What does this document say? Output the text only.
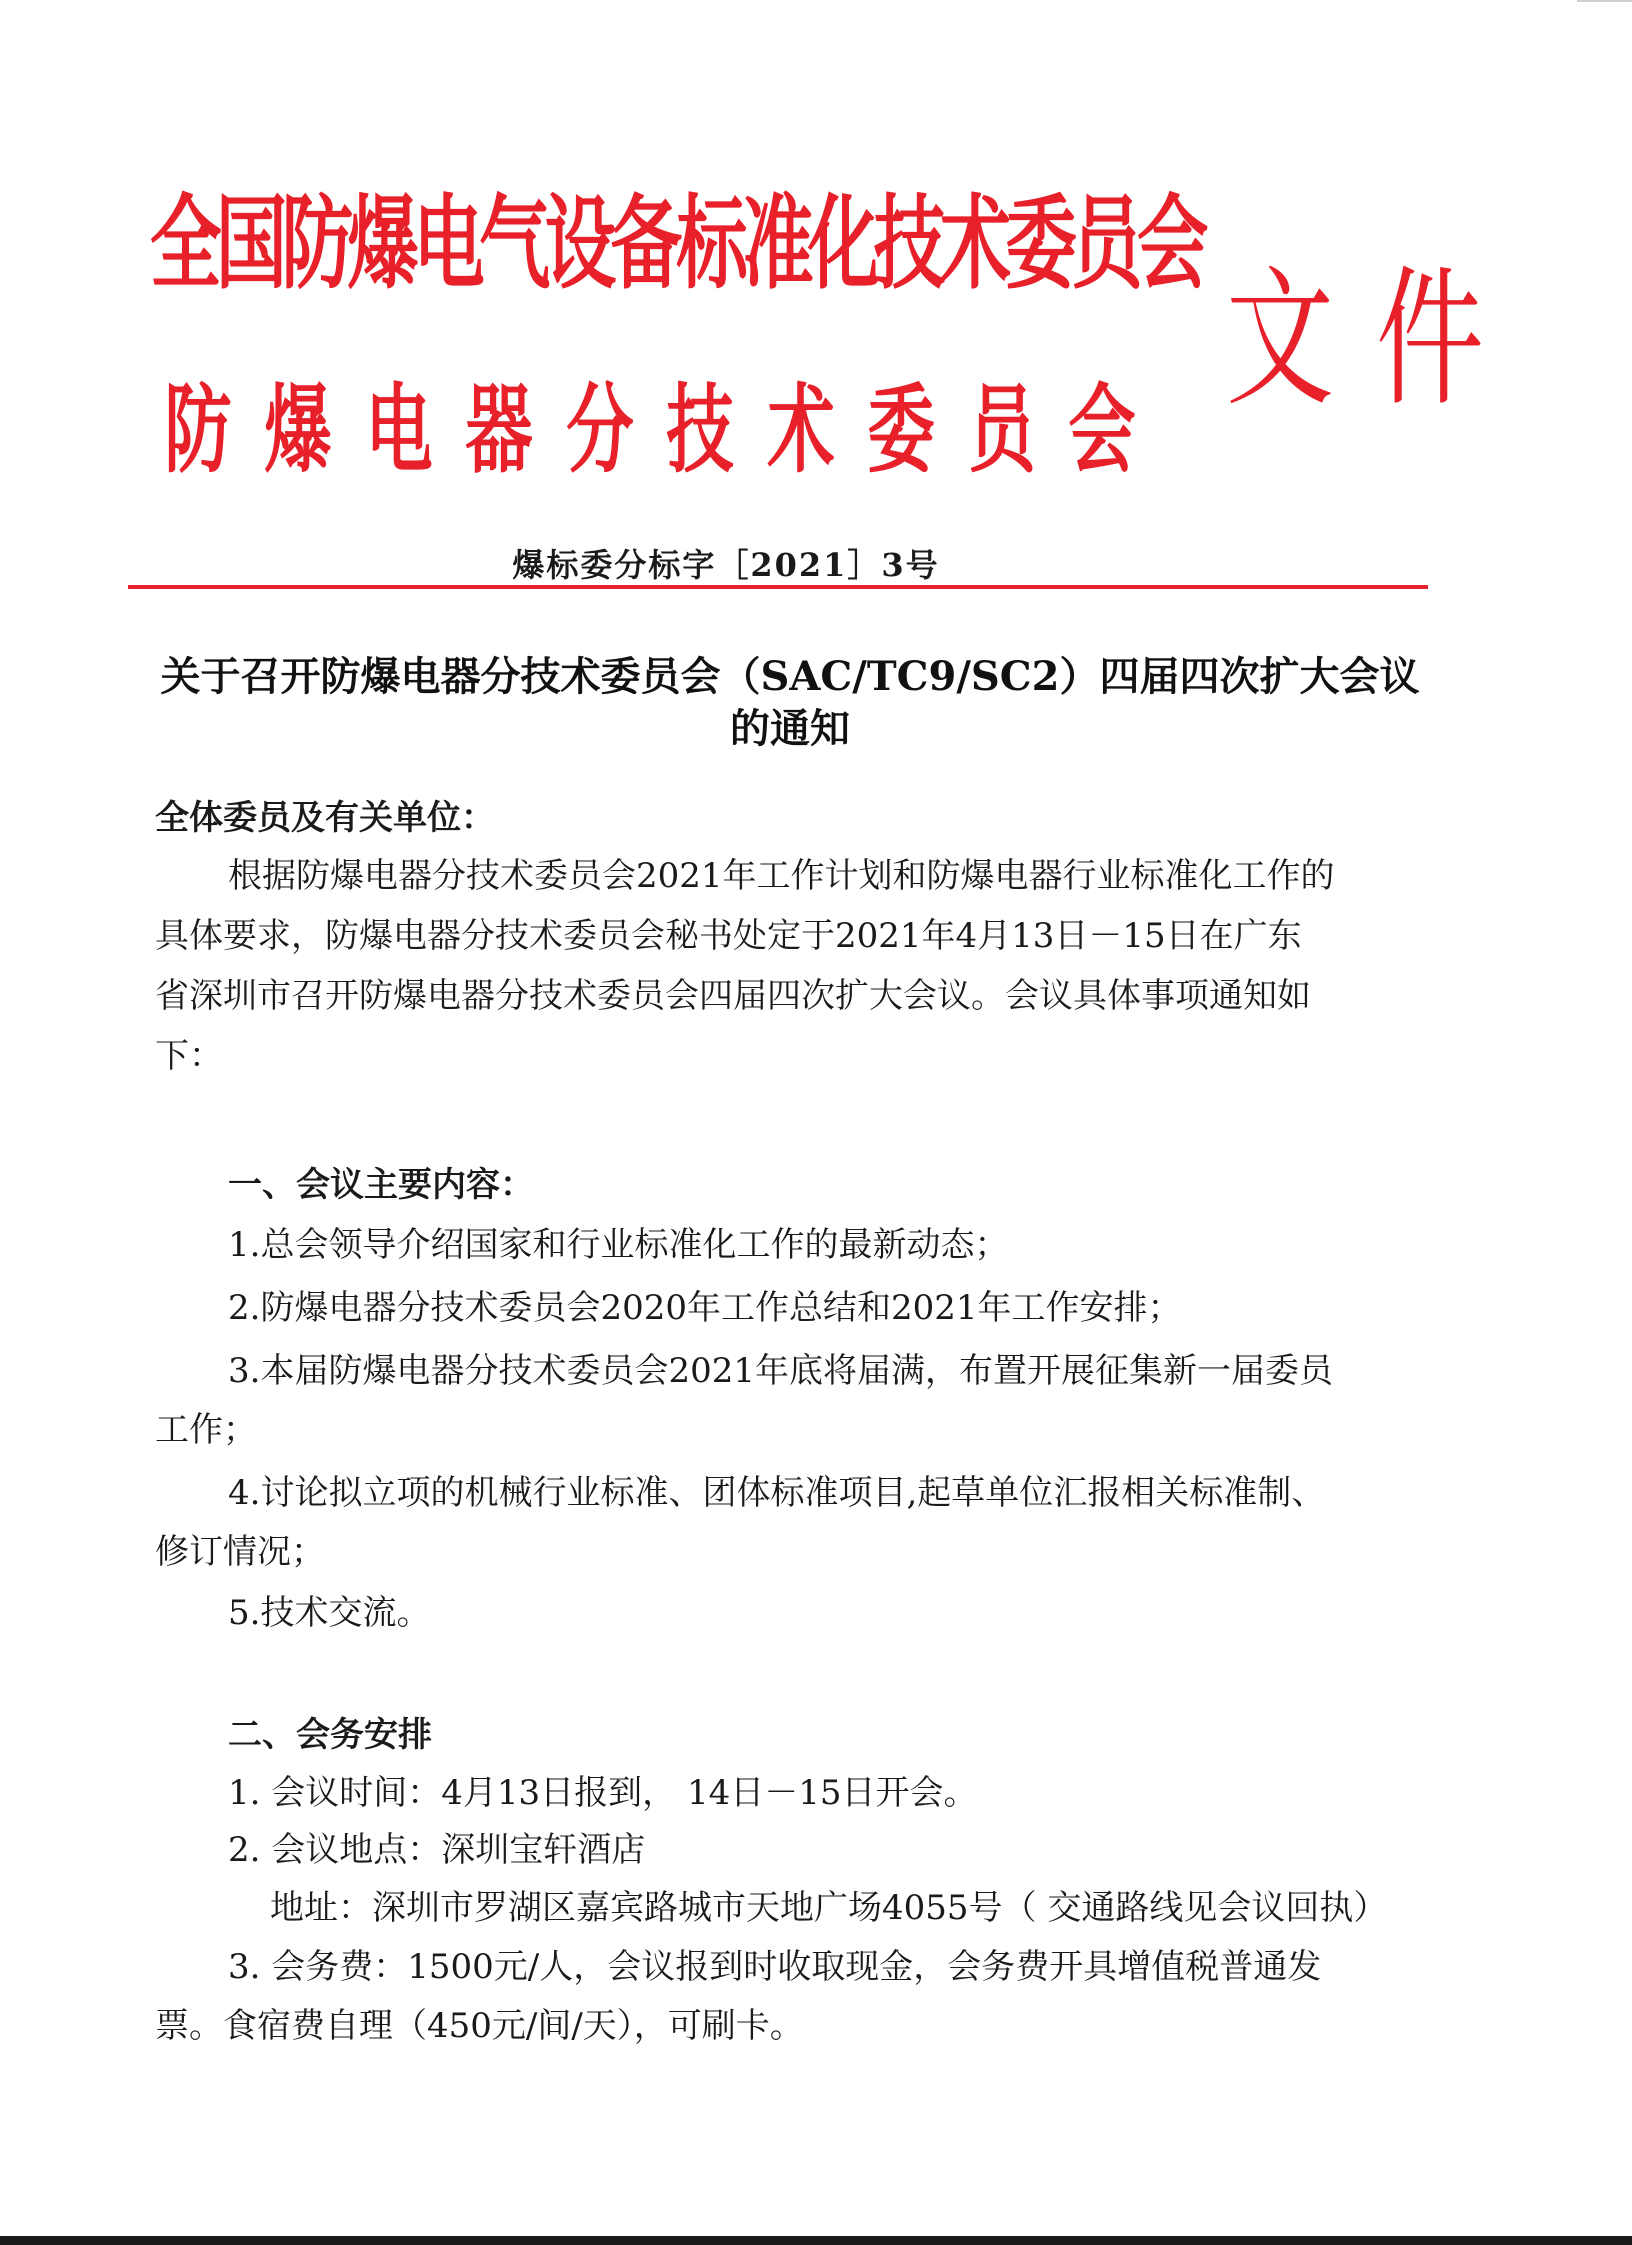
全国防爆电气设备标准化技术委员会
防 爆 电 器 分 技 术 委 员 会
文 件
爆标委分标字［2021］3号
关于召开防爆电器分技术委员会（SAC/TC9/SC2）四届四次扩大会议
的通知
全体委员及有关单位：
根据防爆电器分技术委员会2021年工作计划和防爆电器行业标准化工作的
具体要求，防爆电器分技术委员会秘书处定于2021年4月13日－15日在广东
省深圳市召开防爆电器分技术委员会四届四次扩大会议。会议具体事项通知如
下：
一、会议主要内容：
1.总会领导介绍国家和行业标准化工作的最新动态；
2.防爆电器分技术委员会2020年工作总结和2021年工作安排；
3.本届防爆电器分技术委员会2021年底将届满，布置开展征集新一届委员
工作；
4.讨论拟立项的机械行业标准、团体标准项目,起草单位汇报相关标准制、
修订情况；
5.技术交流。
二、会务安排
1. 会议时间：4月13日报到， 14日－15日开会。
2. 会议地点：深圳宝轩酒店
地址：深圳市罗湖区嘉宾路城市天地广场4055号（ 交通路线见会议回执）
3. 会务费：1500元/人，会议报到时收取现金，会务费开具增值税普通发
票。食宿费自理（450元/间/天），可刷卡。
